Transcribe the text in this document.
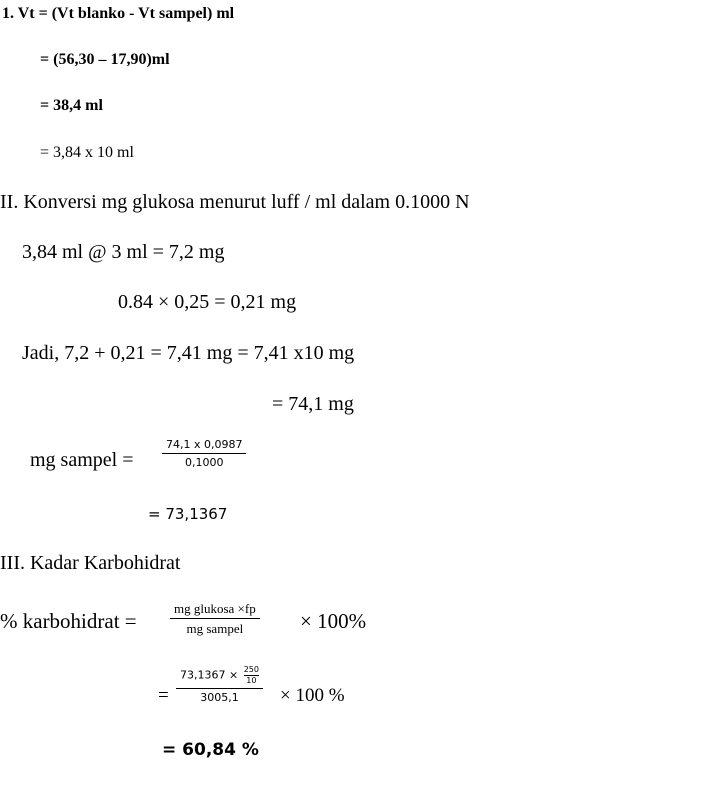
1. Vt = (Vt blanko - Vt sampel) ml
= (56,30 – 17,90)ml
= 38,4 ml
= 3,84 x 10 ml
II. Konversi mg glukosa menurut luff / ml dalam 0.1000 N
3,84 ml @ 3 ml = 7,2 mg
0.84 × 0,25 = 0,21 mg
Jadi, 7,2 + 0,21 = 7,41 mg = 7,41 x10 mg
= 74,1 mg
mg sampel =
74,1 x 0,0987
0,1000
= 73,1367
III. Kadar Karbohidrat
% karbohidrat =
mg glukosa ×fp
mg sampel	× 100%
=
$73,1367 \times \frac{250}{10}$
3005,1 × 100 %
= 60,84 %
